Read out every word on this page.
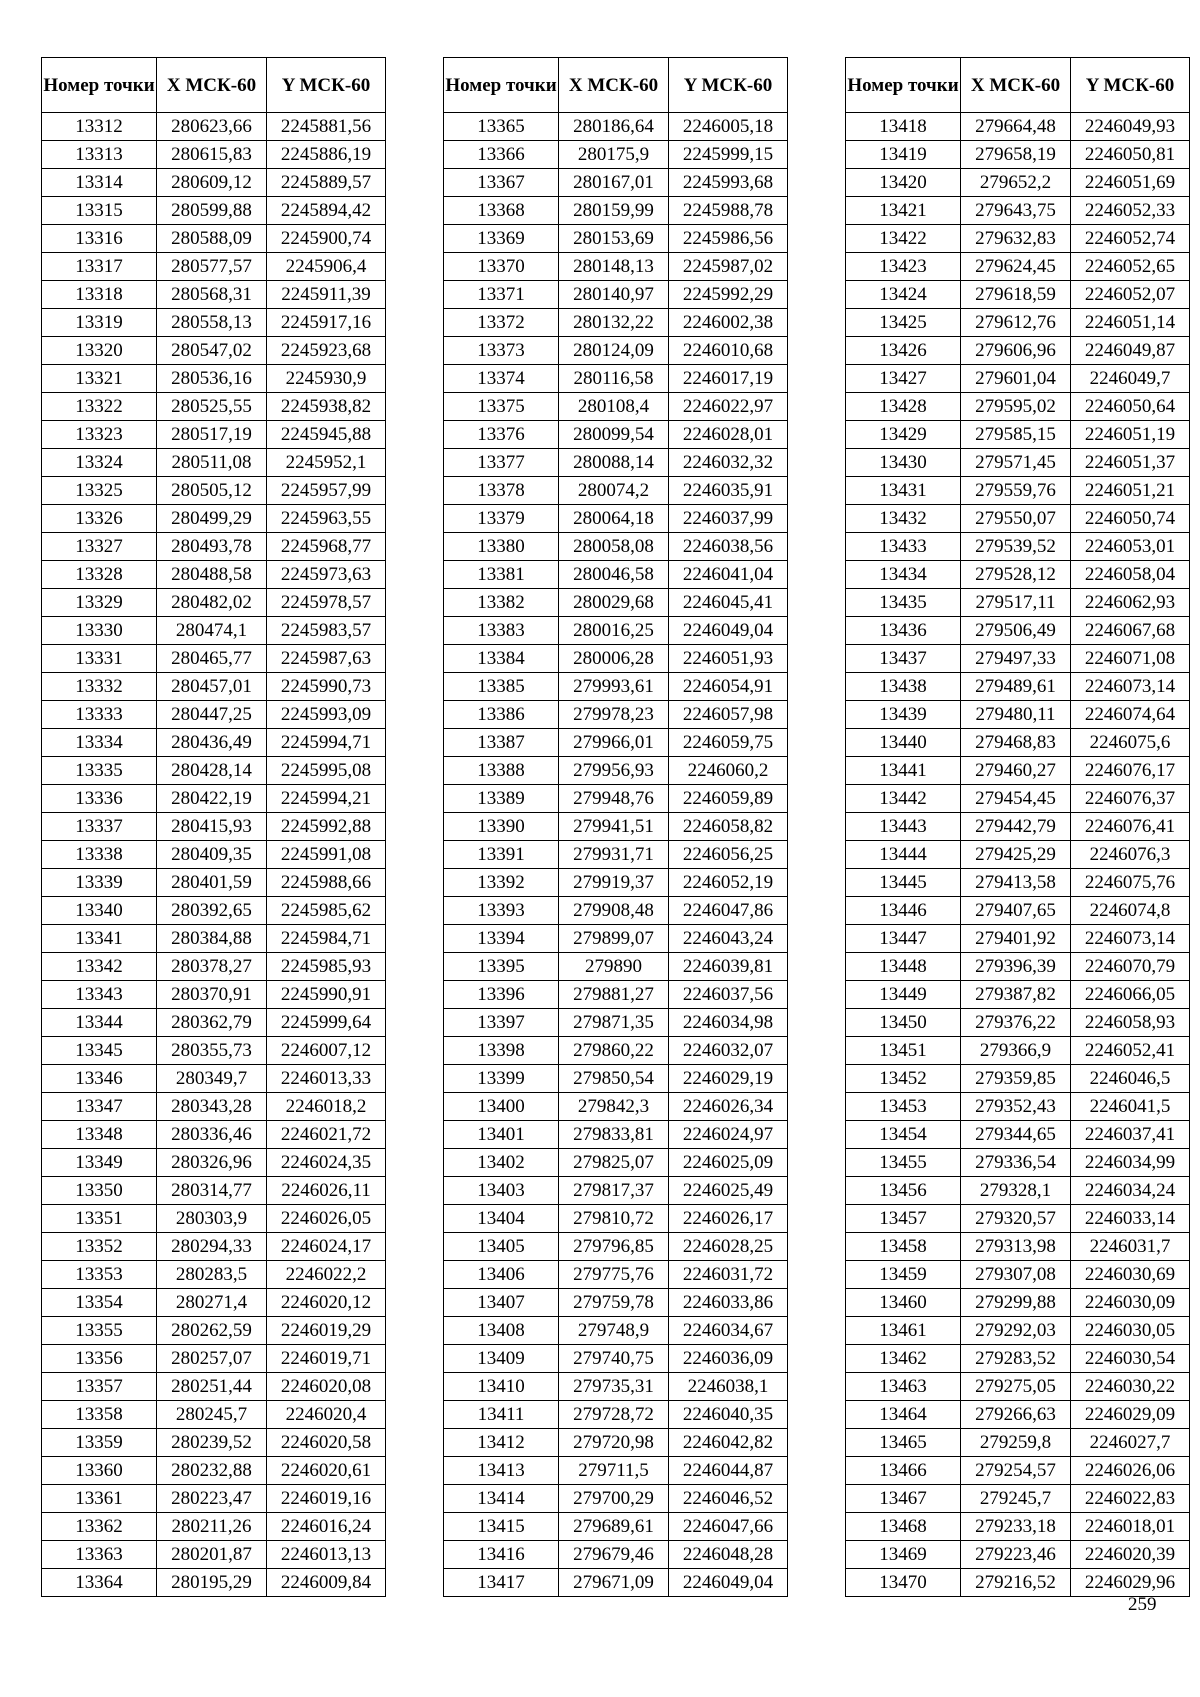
Номер точки	Х МСК-60	Y МСК-60
13312	280623,66	2245881,56
13313	280615,83	2245886,19
13314	280609,12	2245889,57
13315	280599,88	2245894,42
13316	280588,09	2245900,74
13317	280577,57	2245906,4
13318	280568,31	2245911,39
13319	280558,13	2245917,16
13320	280547,02	2245923,68
13321	280536,16	2245930,9
13322	280525,55	2245938,82
13323	280517,19	2245945,88
13324	280511,08	2245952,1
13325	280505,12	2245957,99
13326	280499,29	2245963,55
13327	280493,78	2245968,77
13328	280488,58	2245973,63
13329	280482,02	2245978,57
13330	280474,1	2245983,57
13331	280465,77	2245987,63
13332	280457,01	2245990,73
13333	280447,25	2245993,09
13334	280436,49	2245994,71
13335	280428,14	2245995,08
13336	280422,19	2245994,21
13337	280415,93	2245992,88
13338	280409,35	2245991,08
13339	280401,59	2245988,66
13340	280392,65	2245985,62
13341	280384,88	2245984,71
13342	280378,27	2245985,93
13343	280370,91	2245990,91
13344	280362,79	2245999,64
13345	280355,73	2246007,12
13346	280349,7	2246013,33
13347	280343,28	2246018,2
13348	280336,46	2246021,72
13349	280326,96	2246024,35
13350	280314,77	2246026,11
13351	280303,9	2246026,05
13352	280294,33	2246024,17
13353	280283,5	2246022,2
13354	280271,4	2246020,12
13355	280262,59	2246019,29
13356	280257,07	2246019,71
13357	280251,44	2246020,08
13358	280245,7	2246020,4
13359	280239,52	2246020,58
13360	280232,88	2246020,61
13361	280223,47	2246019,16
13362	280211,26	2246016,24
13363	280201,87	2246013,13
13364	280195,29	2246009,84
Номер точки	Х МСК-60	Y МСК-60
13365	280186,64	2246005,18
13366	280175,9	2245999,15
13367	280167,01	2245993,68
13368	280159,99	2245988,78
13369	280153,69	2245986,56
13370	280148,13	2245987,02
13371	280140,97	2245992,29
13372	280132,22	2246002,38
13373	280124,09	2246010,68
13374	280116,58	2246017,19
13375	280108,4	2246022,97
13376	280099,54	2246028,01
13377	280088,14	2246032,32
13378	280074,2	2246035,91
13379	280064,18	2246037,99
13380	280058,08	2246038,56
13381	280046,58	2246041,04
13382	280029,68	2246045,41
13383	280016,25	2246049,04
13384	280006,28	2246051,93
13385	279993,61	2246054,91
13386	279978,23	2246057,98
13387	279966,01	2246059,75
13388	279956,93	2246060,2
13389	279948,76	2246059,89
13390	279941,51	2246058,82
13391	279931,71	2246056,25
13392	279919,37	2246052,19
13393	279908,48	2246047,86
13394	279899,07	2246043,24
13395	279890	2246039,81
13396	279881,27	2246037,56
13397	279871,35	2246034,98
13398	279860,22	2246032,07
13399	279850,54	2246029,19
13400	279842,3	2246026,34
13401	279833,81	2246024,97
13402	279825,07	2246025,09
13403	279817,37	2246025,49
13404	279810,72	2246026,17
13405	279796,85	2246028,25
13406	279775,76	2246031,72
13407	279759,78	2246033,86
13408	279748,9	2246034,67
13409	279740,75	2246036,09
13410	279735,31	2246038,1
13411	279728,72	2246040,35
13412	279720,98	2246042,82
13413	279711,5	2246044,87
13414	279700,29	2246046,52
13415	279689,61	2246047,66
13416	279679,46	2246048,28
13417	279671,09	2246049,04
Номер точки	Х МСК-60	Y МСК-60
13418	279664,48	2246049,93
13419	279658,19	2246050,81
13420	279652,2	2246051,69
13421	279643,75	2246052,33
13422	279632,83	2246052,74
13423	279624,45	2246052,65
13424	279618,59	2246052,07
13425	279612,76	2246051,14
13426	279606,96	2246049,87
13427	279601,04	2246049,7
13428	279595,02	2246050,64
13429	279585,15	2246051,19
13430	279571,45	2246051,37
13431	279559,76	2246051,21
13432	279550,07	2246050,74
13433	279539,52	2246053,01
13434	279528,12	2246058,04
13435	279517,11	2246062,93
13436	279506,49	2246067,68
13437	279497,33	2246071,08
13438	279489,61	2246073,14
13439	279480,11	2246074,64
13440	279468,83	2246075,6
13441	279460,27	2246076,17
13442	279454,45	2246076,37
13443	279442,79	2246076,41
13444	279425,29	2246076,3
13445	279413,58	2246075,76
13446	279407,65	2246074,8
13447	279401,92	2246073,14
13448	279396,39	2246070,79
13449	279387,82	2246066,05
13450	279376,22	2246058,93
13451	279366,9	2246052,41
13452	279359,85	2246046,5
13453	279352,43	2246041,5
13454	279344,65	2246037,41
13455	279336,54	2246034,99
13456	279328,1	2246034,24
13457	279320,57	2246033,14
13458	279313,98	2246031,7
13459	279307,08	2246030,69
13460	279299,88	2246030,09
13461	279292,03	2246030,05
13462	279283,52	2246030,54
13463	279275,05	2246030,22
13464	279266,63	2246029,09
13465	279259,8	2246027,7
13466	279254,57	2246026,06
13467	279245,7	2246022,83
13468	279233,18	2246018,01
13469	279223,46	2246020,39
13470	279216,52	2246029,96
259
